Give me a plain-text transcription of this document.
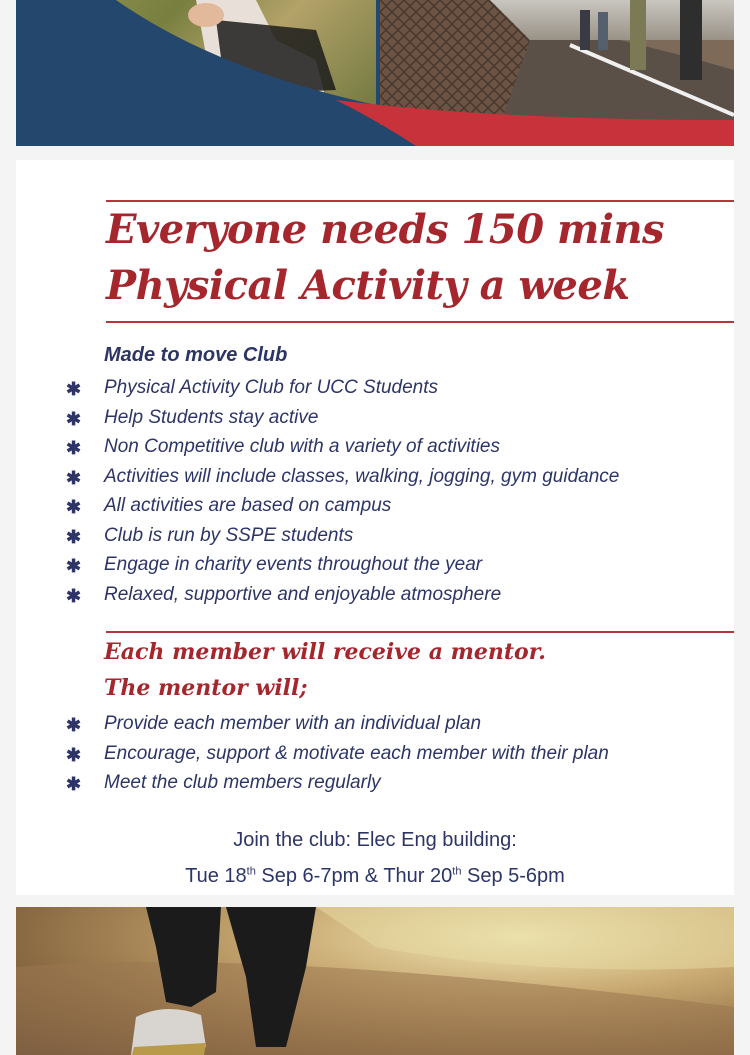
Everyone needs 150 mins
Physical Activity a week
Made to move Club
✱ Physical Activity Club for UCC Students
✱ Help Students stay active
✱ Non Competitive club with a variety of activities
✱ Activities will include classes, walking, jogging, gym guidance
✱ All activities are based on campus
✱ Club is run by SSPE students
✱ Engage in charity events throughout the year
✱ Relaxed, supportive and enjoyable atmosphere
Each member will receive a mentor.
The mentor will;
✱ Provide each member with an individual plan
✱ Encourage, support & motivate each member with their plan
✱ Meet the club members regularly
Join the club: Elec Eng building:
Tue 18th Sep 6-7pm & Thur 20th Sep 5-6pm
